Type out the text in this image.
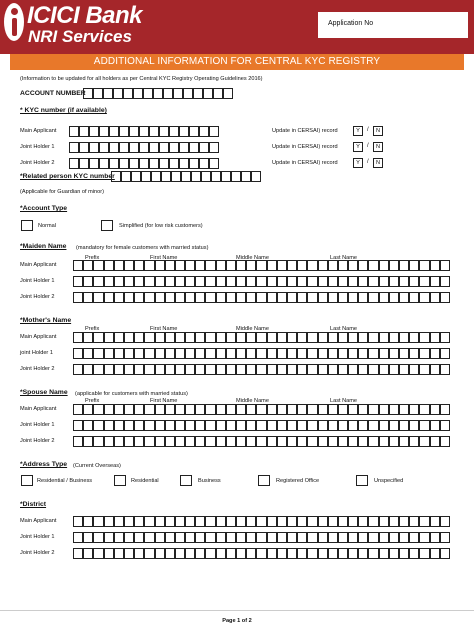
ICICI Bank
NRI Services
Application No
ADDITIONAL INFORMATION FOR CENTRAL KYC REGISTRY
(Information to be updated for all holders as per Central KYC Registry Operating Guidelines 2016)
ACCOUNT NUMBER
* KYC number (if available)
*Related person KYC number
(Applicable for Guardian of minor)
*Account Type
Normal	Simplified (for low risk customers)
*Maiden Name (mandatory for female customers with married status)
*Mother's Name
*Spouse Name (applicable for customers with married status)
*Address Type (Current Overseas)
*District
Page 1 of 2
Main Applicant	Update in CERSAI) record	Y	/	N
Joint Holder 1	Update in CERSAI) record	Y	/	N
Joint Holder 2	Update in CERSAI) record	Y	/	N
Prefix	First Name	Middle Name	Last Name
Main Applicant
Joint Holder 1
Joint Holder 2
Prefix	First Name	Middle Name	Last Name
Main Applicant
joint Holder 1
Joint Holder 2
Prefix	First Name	Middle Name	Last Name
Main Applicant
Joint Holder 1
Joint Holder 2
Main Applicant
Joint Holder 1
Joint Holder 2
Residential / Business	Residential	Business	Registered Office	Unspecified
